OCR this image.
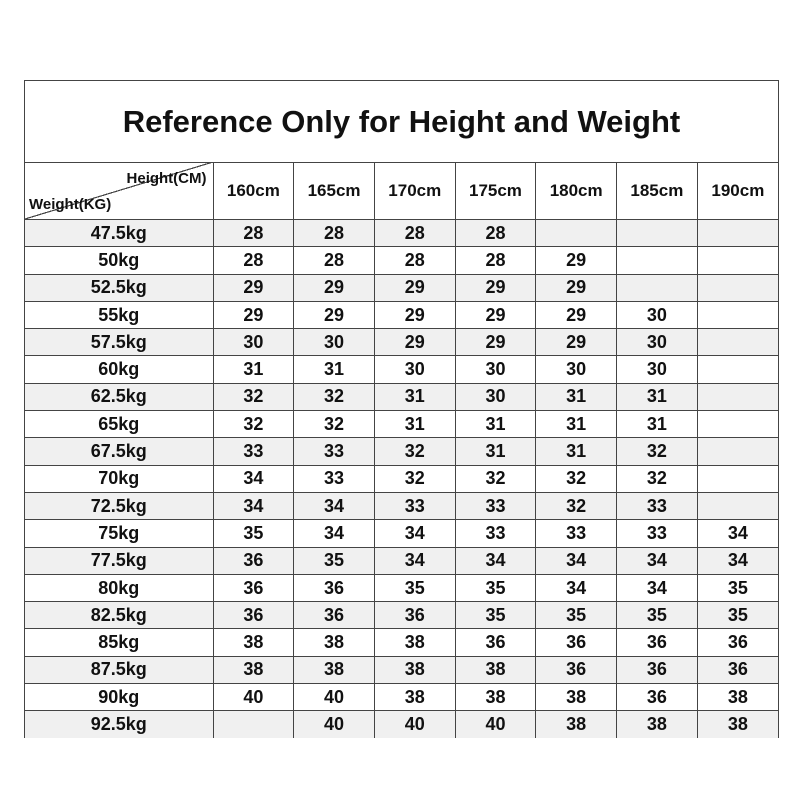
Reference Only for Height and Weight
Height(CM)
Weight(KG)	160cm	165cm	170cm	175cm	180cm	185cm	190cm
47.5kg	28	28	28	28			
50kg	28	28	28	28	29		
52.5kg	29	29	29	29	29		
55kg	29	29	29	29	29	30	
57.5kg	30	30	29	29	29	30	
60kg	31	31	30	30	30	30	
62.5kg	32	32	31	30	31	31	
65kg	32	32	31	31	31	31	
67.5kg	33	33	32	31	31	32	
70kg	34	33	32	32	32	32	
72.5kg	34	34	33	33	32	33	
75kg	35	34	34	33	33	33	34
77.5kg	36	35	34	34	34	34	34
80kg	36	36	35	35	34	34	35
82.5kg	36	36	36	35	35	35	35
85kg	38	38	38	36	36	36	36
87.5kg	38	38	38	38	36	36	36
90kg	40	40	38	38	38	36	38
92.5kg		40	40	40	38	38	38
